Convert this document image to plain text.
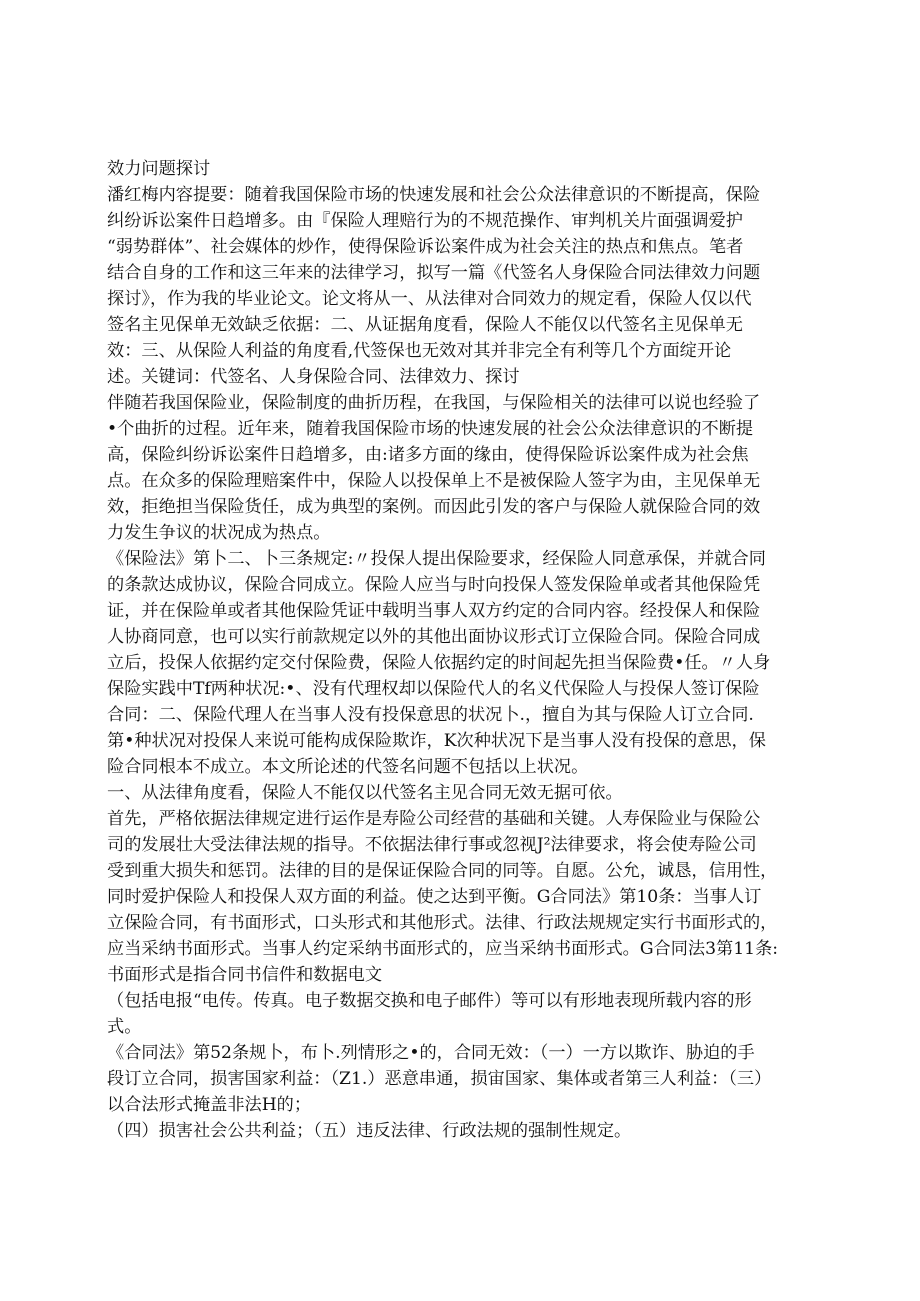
效力问题探讨
潘红梅内容提要：随着我国保险市场的快速发展和社会公众法律意识的不断提高，保险
纠纷诉讼案件日趋增多。由『保险人理赔行为的不规范操作、审判机关片面强调爱护
“弱势群体”、社会媒体的炒作，使得保险诉讼案件成为社会关注的热点和焦点。笔者
结合自身的工作和这三年来的法律学习，拟写一篇《代签名人身保险合同法律效力问题
探讨》，作为我的毕业论文。论文将从一、从法律对合同效力的规定看，保险人仅以代
签名主见保单无效缺乏依据：二、从证据角度看，保险人不能仅以代签名主见保单无
效：三、从保险人利益的角度看,代签保也无效对其并非完全有利等几个方面绽开论
述。关键词：代签名、人身保险合同、法律效力、探讨
伴随若我国保险业，保险制度的曲折历程，在我国，与保险相关的法律可以说也经验了
•个曲折的过程。近年来，随着我国保险市场的快速发展的社会公众法律意识的不断提
高，保险纠纷诉讼案件日趋增多，由:诸多方面的缘由，使得保险诉讼案件成为社会焦
点。在众多的保险理赔案件中，保险人以投保单上不是被保险人签字为由，主见保单无
效，拒绝担当保险货任，成为典型的案例。而因此引发的客户与保险人就保险合同的效
力发生争议的状况成为热点。
《保险法》第卜二、卜三条规定:〃投保人提出保险要求，经保险人同意承保，并就合同
的条款达成协议，保险合同成立。保险人应当与时向投保人签发保险单或者其他保险凭
证，并在保险单或者其他保险凭证中载明当事人双方约定的合同内容。经投保人和保险
人协商同意，也可以实行前款规定以外的其他出面协议形式订立保险合同。保险合同成
立后，投保人依据约定交付保险费，保险人依据约定的时间起先担当保险费•任。〃人身
保险实践中Tf两种状况:•、没有代理权却以保险代人的名义代保险人与投保人签订保险
合同：二、保险代理人在当事人没有投保意思的状况卜.，擅自为其与保险人订立合同.
第•种状况对投保人来说可能构成保险欺诈，K次种状况下是当事人没有投保的意思，保
险合同根本不成立。本文所论述的代签名问题不包括以上状况。
一、从法律角度看，保险人不能仅以代签名主见合同无效无据可依。
首先，严格依据法律规定进行运作是寿险公司经营的基础和关键。人寿保险业与保险公
司的发展壮大受法律法规的指导。不依据法律行事或忽视J²法律要求，将会使寿险公司
受到重大损失和惩罚。法律的目的是保证保险合同的同等。自愿。公允，诚恳，信用性，
同时爱护保险人和投保人双方面的利益。使之达到平衡。G合同法》第10条：当事人订
立保险合同，有书面形式，口头形式和其他形式。法律、行政法规规定实行书面形式的，
应当采纳书面形式。当事人约定采纳书面形式的，应当采纳书面形式。G合同法3第11条:
书面形式是指合同书信件和数据电文
（包括电报“电传。传真。电子数据交换和电子邮件）等可以有形地表现所载内容的形
式。
《合同法》第52条规卜，布卜.列情形之•的，合同无效：（一）一方以欺诈、胁迫的手
段订立合同，损害国家利益：（Z1.）恶意串通，损宙国家、集体或者第三人利益：（三）
以合法形式掩盖非法H的；
（四）损害社会公共利益；（五）违反法律、行政法规的强制性规定。
